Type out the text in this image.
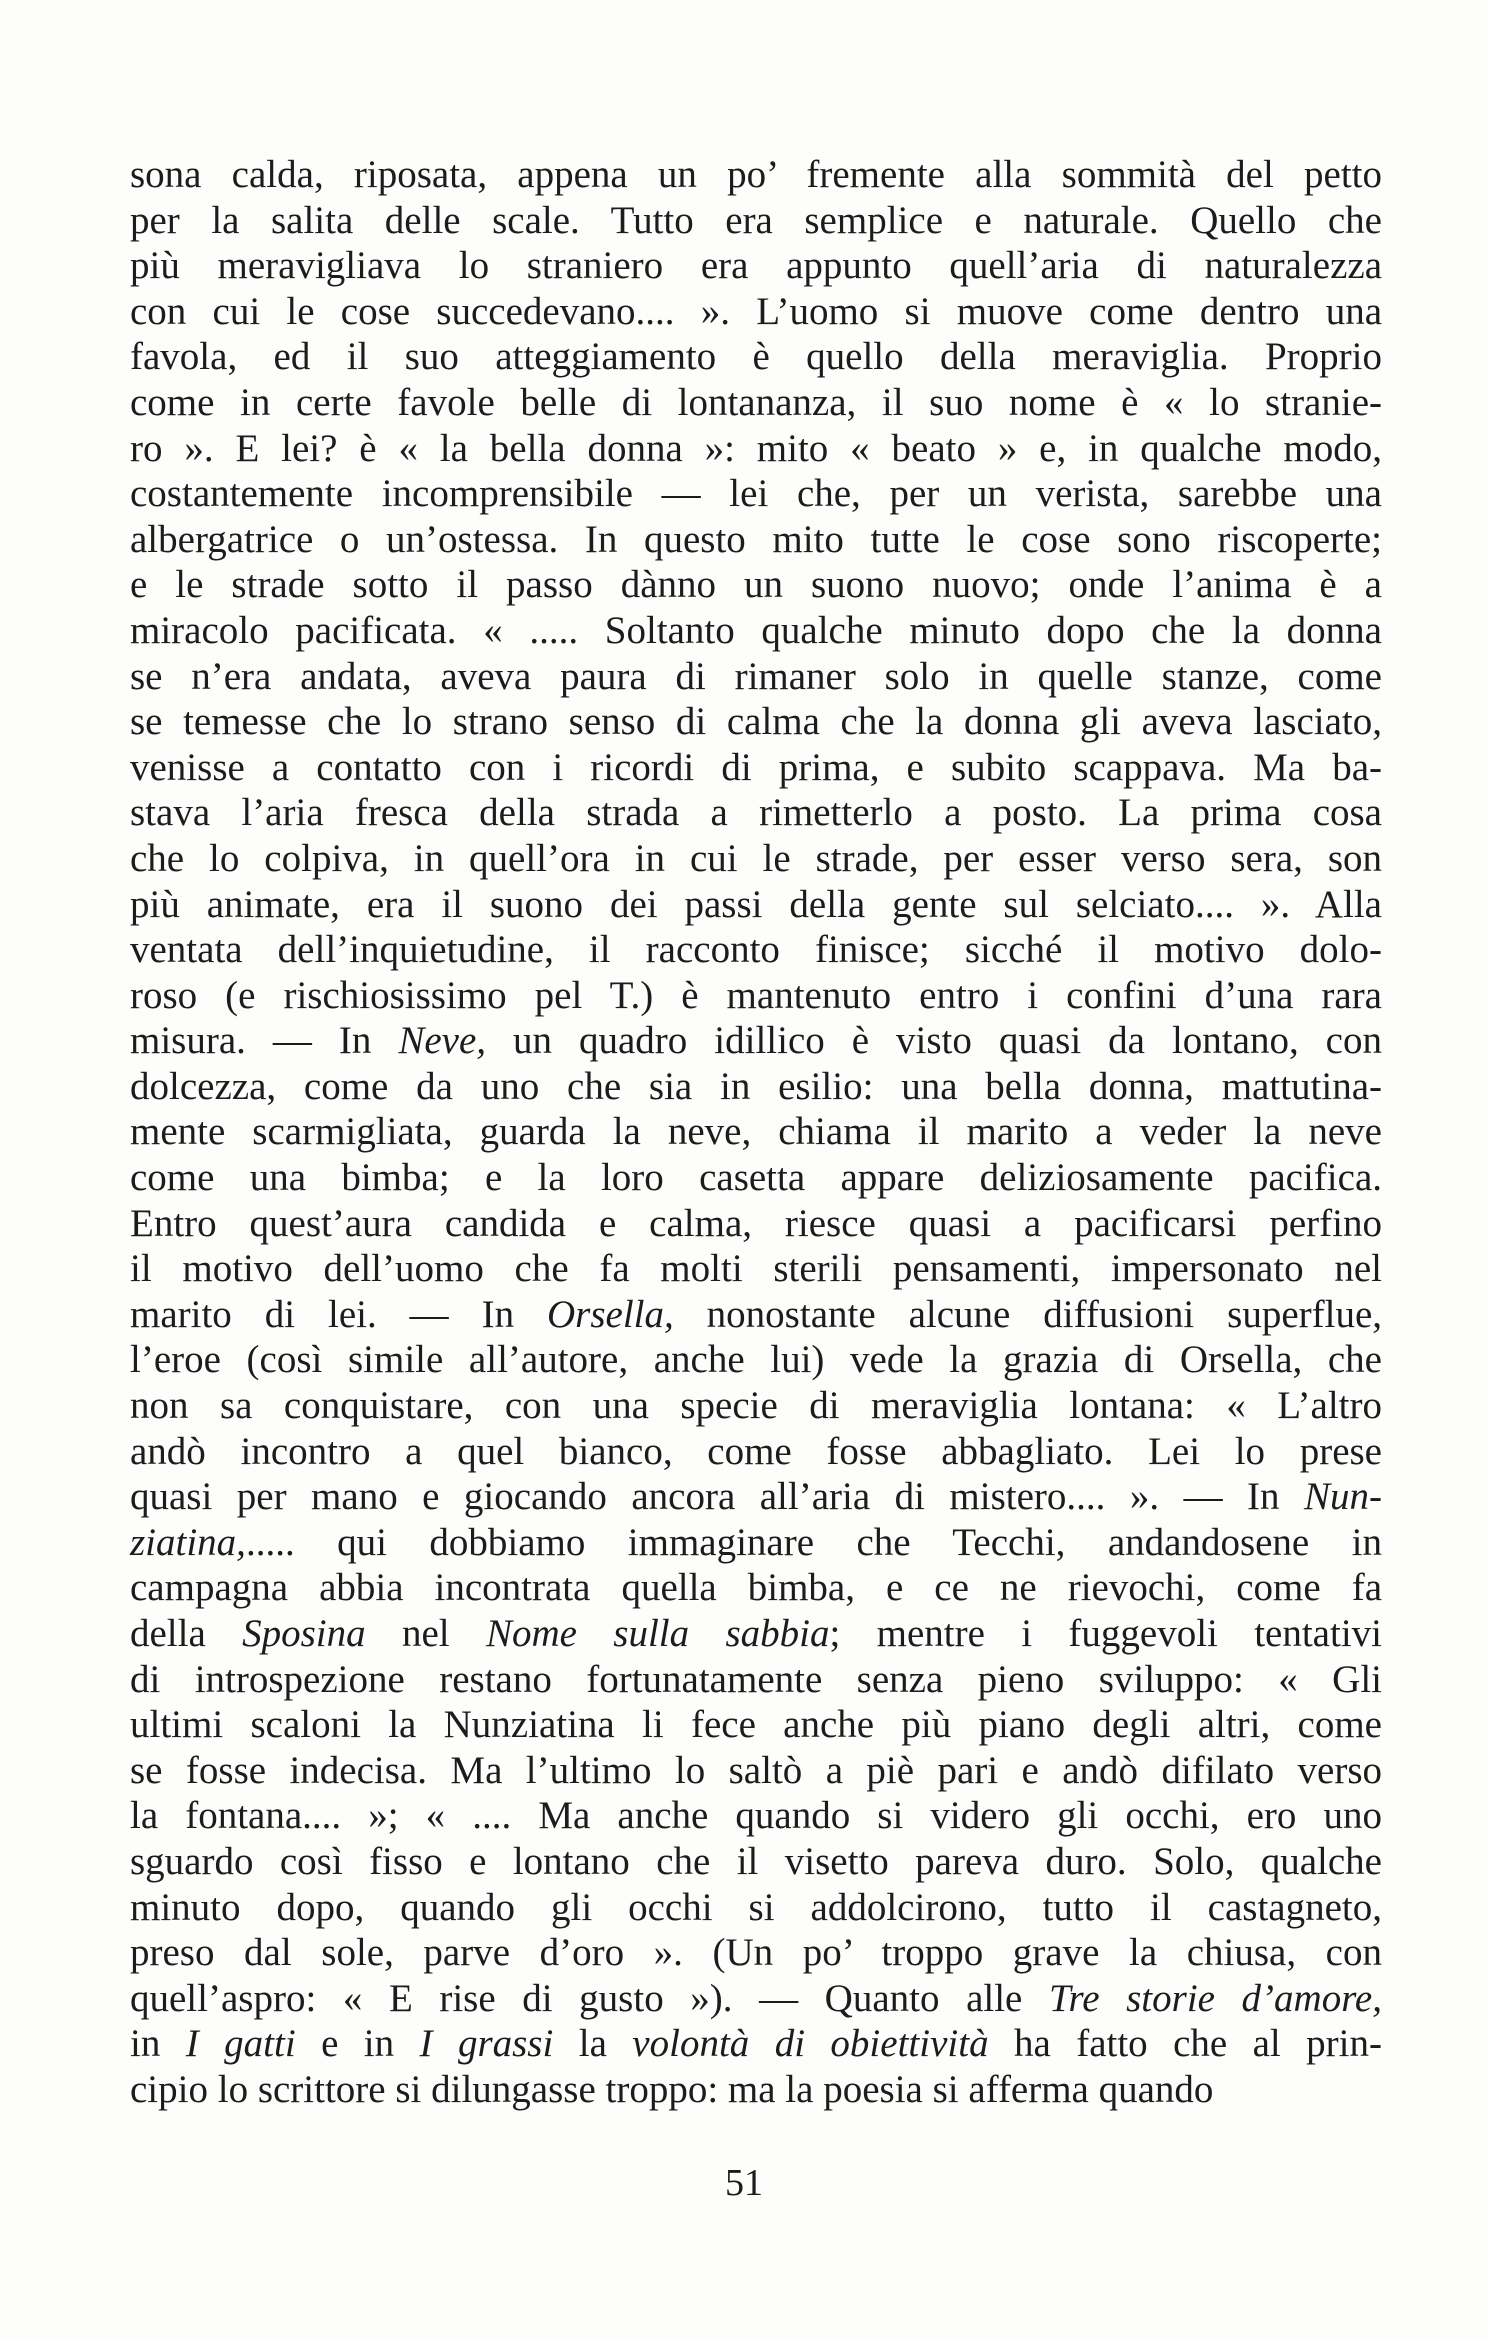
sona calda, riposata, appena un po’ fremente alla sommità del petto
per la salita delle scale. Tutto era semplice e naturale. Quello che
più meravigliava lo straniero era appunto quell’aria di naturalezza
con cui le cose succedevano.... ». L’uomo si muove come dentro una
favola, ed il suo atteggiamento è quello della meraviglia. Proprio
come in certe favole belle di lontananza, il suo nome è « lo stranie-
ro ». E lei? è « la bella donna »: mito « beato » e, in qualche modo,
costantemente incomprensibile — lei che, per un verista, sarebbe una
albergatrice o un’ostessa. In questo mito tutte le cose sono riscoperte;
e le strade sotto il passo dànno un suono nuovo; onde l’anima è a
miracolo pacificata. « ..... Soltanto qualche minuto dopo che la donna
se n’era andata, aveva paura di rimaner solo in quelle stanze, come
se temesse che lo strano senso di calma che la donna gli aveva lasciato,
venisse a contatto con i ricordi di prima, e subito scappava. Ma ba-
stava l’aria fresca della strada a rimetterlo a posto. La prima cosa
che lo colpiva, in quell’ora in cui le strade, per esser verso sera, son
più animate, era il suono dei passi della gente sul selciato.... ». Alla
ventata dell’inquietudine, il racconto finisce; sicché il motivo dolo-
roso (e rischiosissimo pel T.) è mantenuto entro i confini d’una rara
misura. — In Neve, un quadro idillico è visto quasi da lontano, con
dolcezza, come da uno che sia in esilio: una bella donna, mattutina-
mente scarmigliata, guarda la neve, chiama il marito a veder la neve
come una bimba; e la loro casetta appare deliziosamente pacifica.
Entro quest’aura candida e calma, riesce quasi a pacificarsi perfino
il motivo dell’uomo che fa molti sterili pensamenti, impersonato nel
marito di lei. — In Orsella, nonostante alcune diffusioni superflue,
l’eroe (così simile all’autore, anche lui) vede la grazia di Orsella, che
non sa conquistare, con una specie di meraviglia lontana: « L’altro
andò incontro a quel bianco, come fosse abbagliato. Lei lo prese
quasi per mano e giocando ancora all’aria di mistero.... ». — In Nun-
ziatina,..... qui dobbiamo immaginare che Tecchi, andandosene in
campagna abbia incontrata quella bimba, e ce ne rievochi, come fa
della Sposina nel Nome sulla sabbia; mentre i fuggevoli tentativi
di introspezione restano fortunatamente senza pieno sviluppo: « Gli
ultimi scaloni la Nunziatina li fece anche più piano degli altri, come
se fosse indecisa. Ma l’ultimo lo saltò a piè pari e andò difilato verso
la fontana.... »; « .... Ma anche quando si videro gli occhi, ero uno
sguardo così fisso e lontano che il visetto pareva duro. Solo, qualche
minuto dopo, quando gli occhi si addolcirono, tutto il castagneto,
preso dal sole, parve d’oro ». (Un po’ troppo grave la chiusa, con
quell’aspro: « E rise di gusto »). — Quanto alle Tre storie d’amore,
in I gatti e in I grassi la volontà di obiettività ha fatto che al prin-
cipio lo scrittore si dilungasse troppo: ma la poesia si afferma quando
51
